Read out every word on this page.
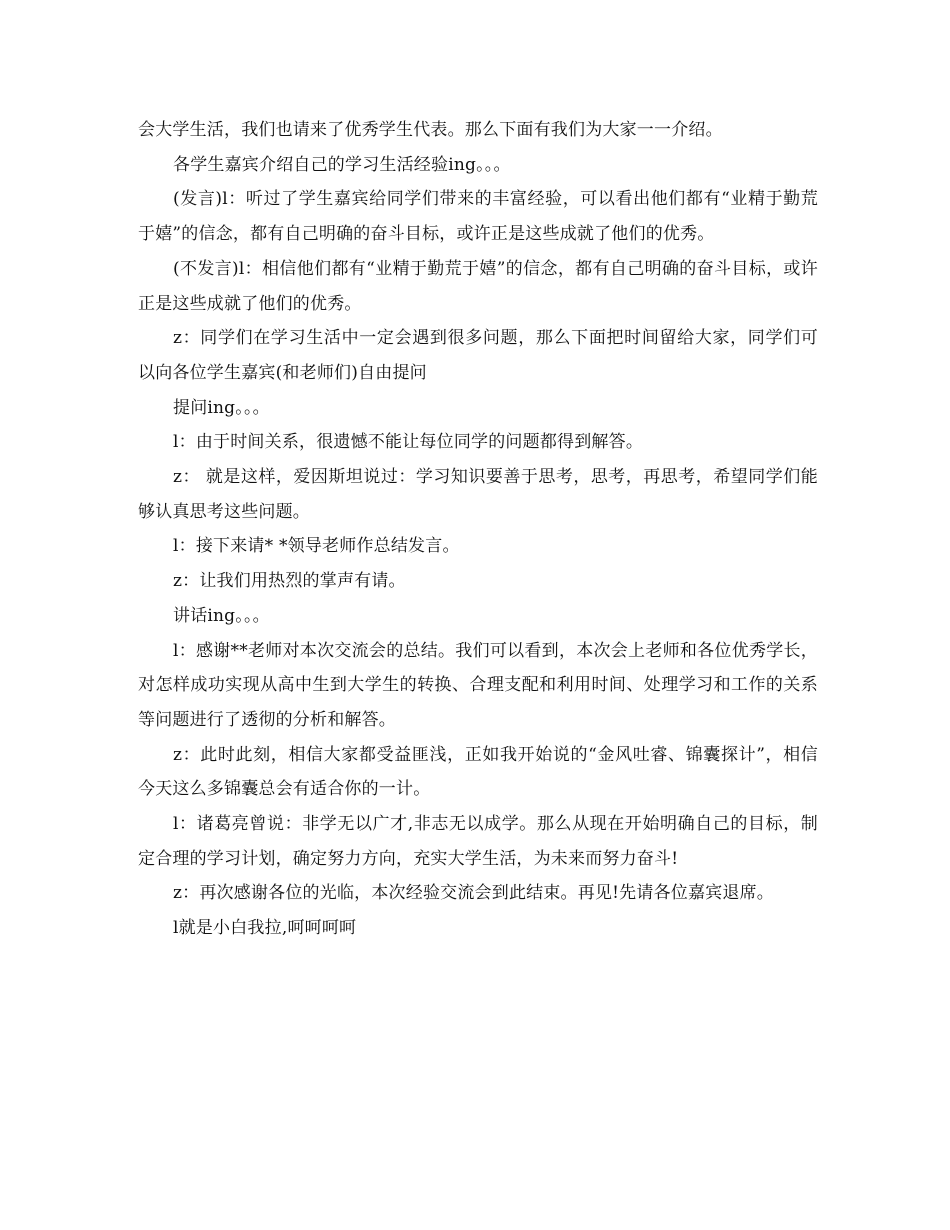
会大学生活，我们也请来了优秀学生代表。那么下面有我们为大家一一介绍。

各学生嘉宾介绍自己的学习生活经验ing。。。

(发言)l：听过了学生嘉宾给同学们带来的丰富经验，可以看出他们都有“业精于勤荒于嬉”的信念，都有自己明确的奋斗目标，或许正是这些成就了他们的优秀。

(不发言)l：相信他们都有“业精于勤荒于嬉”的信念，都有自己明确的奋斗目标，或许正是这些成就了他们的优秀。

z：同学们在学习生活中一定会遇到很多问题，那么下面把时间留给大家，同学们可以向各位学生嘉宾(和老师们)自由提问

提问ing。。。

l：由于时间关系，很遗憾不能让每位同学的问题都得到解答。

z： 就是这样，爱因斯坦说过：学习知识要善于思考，思考，再思考，希望同学们能够认真思考这些问题。

l：接下来请* *领导老师作总结发言。

z：让我们用热烈的掌声有请。

讲话ing。。。

l：感谢**老师对本次交流会的总结。我们可以看到，本次会上老师和各位优秀学长，对怎样成功实现从高中生到大学生的转换、合理支配和利用时间、处理学习和工作的关系等问题进行了透彻的分析和解答。

z：此时此刻，相信大家都受益匪浅，正如我开始说的“金风吐睿、锦囊探计”，相信今天这么多锦囊总会有适合你的一计。

l：诸葛亮曾说：非学无以广才,非志无以成学。那么从现在开始明确自己的目标，制定合理的学习计划，确定努力方向，充实大学生活，为未来而努力奋斗!

z：再次感谢各位的光临，本次经验交流会到此结束。再见!先请各位嘉宾退席。

l就是小白我拉,呵呵呵呵
